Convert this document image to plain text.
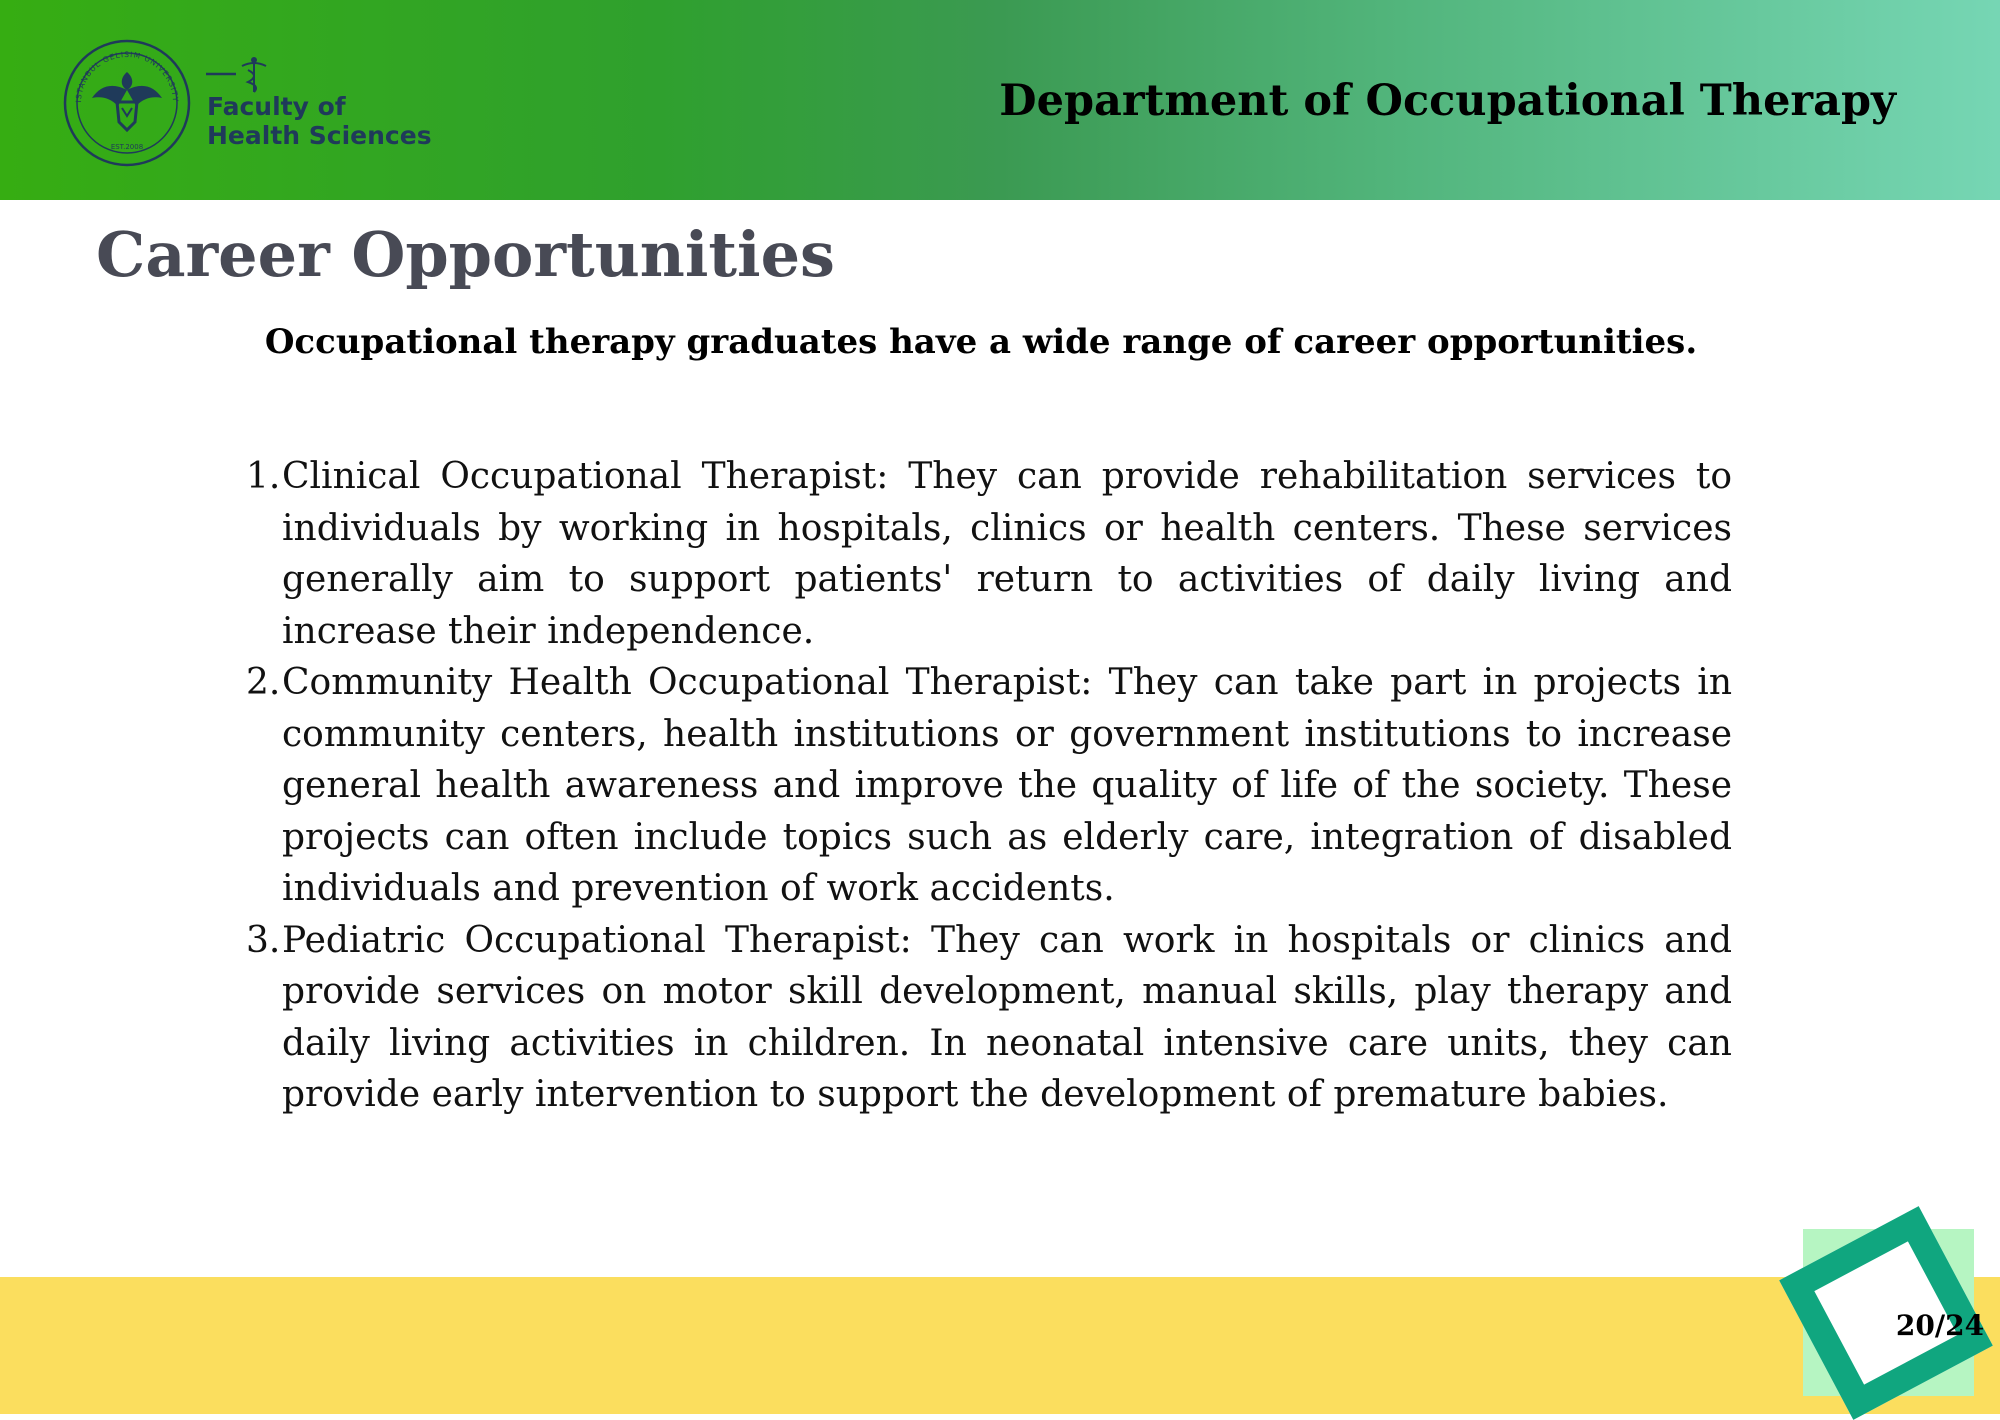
ISTANBUL GELISIM UNIVERSITY
EST.2008
Faculty of
Health Sciences
Department of Occupational Therapy
Career Opportunities

Occupational therapy graduates have a wide range of career opportunities.

1. Clinical Occupational Therapist: They can provide rehabilitation services to individuals by working in hospitals, clinics or health centers. These services generally aim to support patients' return to activities of daily living and increase their independence.
2. Community Health Occupational Therapist: They can take part in projects in community centers, health institutions or government institutions to increase general health awareness and improve the quality of life of the society. These projects can often include topics such as elderly care, integration of disabled individuals and prevention of work accidents.
3. Pediatric Occupational Therapist: They can work in hospitals or clinics and provide services on motor skill development, manual skills, play therapy and daily living activities in children. In neonatal intensive care units, they can provide early intervention to support the development of premature babies.
20/24
